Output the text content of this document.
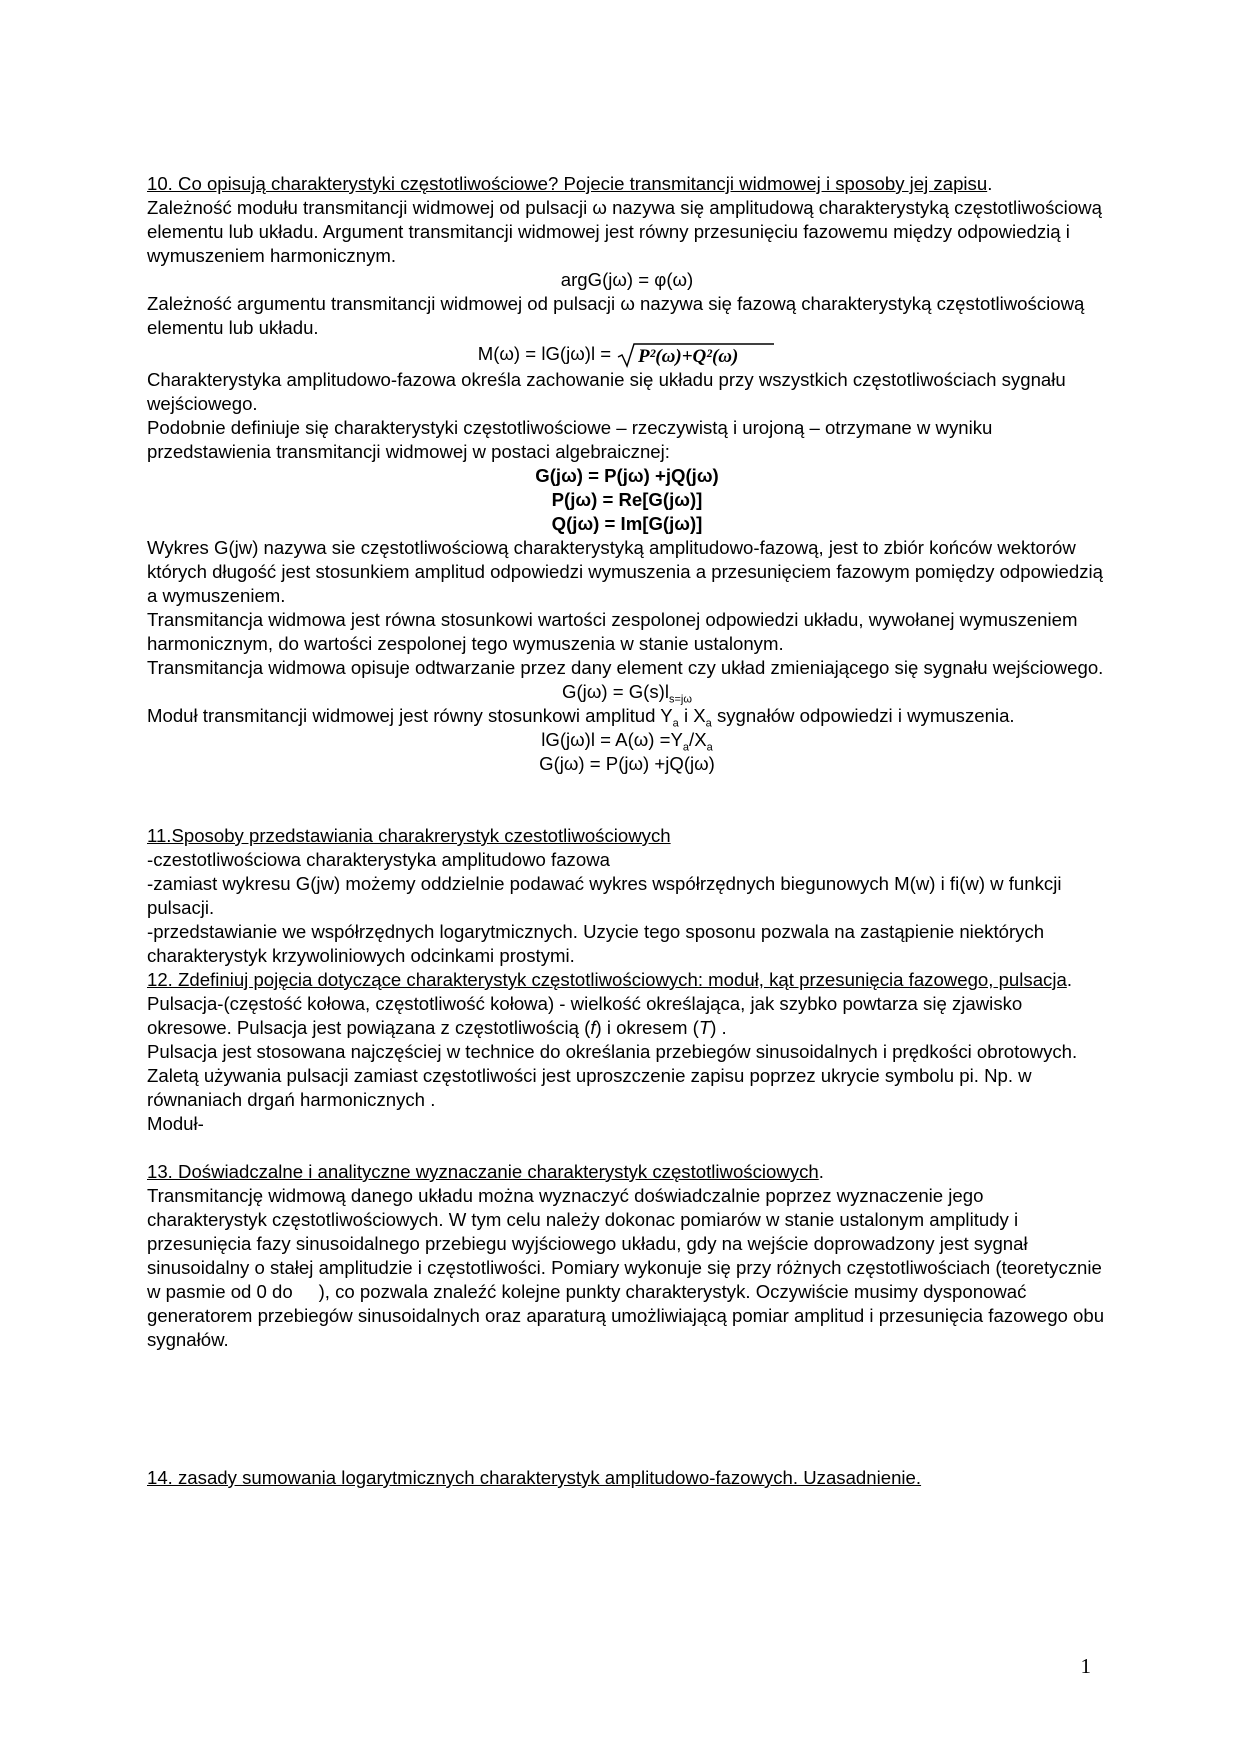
10. Co opisują charakterystyki częstotliwościowe? Pojecie transmitancji widmowej i sposoby jej zapisu.

Zależność modułu transmitancji widmowej od pulsacji ω nazywa się amplitudową charakterystyką częstotliwościową elementu lub układu. Argument transmitancji widmowej jest równy przesunięciu fazowemu między odpowiedzią i wymuszeniem harmonicznym.

argG(jω) = φ(ω)

Zależność argumentu transmitancji widmowej od pulsacji ω nazywa się fazową charakterystyką częstotliwościową elementu lub układu.

M(ω) = lG(jω)l = P²(ω)+Q²(ω)

Charakterystyka amplitudowo-fazowa określa zachowanie się układu przy wszystkich częstotliwościach sygnału wejściowego.

Podobnie definiuje się charakterystyki częstotliwościowe – rzeczywistą i urojoną – otrzymane w wyniku przedstawienia transmitancji widmowej w postaci algebraicznej:

G(jω) = P(jω) +jQ(jω)

P(jω) = Re[G(jω)]

Q(jω) = Im[G(jω)]

Wykres G(jw) nazywa sie częstotliwościową charakterystyką amplitudowo-fazową, jest to zbiór końców wektorów których długość jest stosunkiem amplitud odpowiedzi wymuszenia a przesunięciem fazowym pomiędzy odpowiedzią a wymuszeniem.

Transmitancja widmowa jest równa stosunkowi wartości zespolonej odpowiedzi układu, wywołanej wymuszeniem harmonicznym, do wartości zespolonej tego wymuszenia w stanie ustalonym.

Transmitancja widmowa opisuje odtwarzanie przez dany element czy układ zmieniającego się sygnału wejściowego.

$G(j\omega) = G(s)l_{s=j\omega}$

Moduł transmitancji widmowej jest równy stosunkowi amplitud $Y_a$ i $X_a$ sygnałów odpowiedzi i wymuszenia.

$lG(j\omega)l = A(\omega) =Y_a/X_a$

G(jω) = P(jω) +jQ(jω)

11.Sposoby przedstawiania charakrerystyk czestotliwościowych

-czestotliwościowa charakterystyka amplitudowo fazowa

-zamiast wykresu G(jw) możemy oddzielnie podawać wykres współrzędnych biegunowych M(w) i fi(w) w funkcji pulsacji.

-przedstawianie we współrzędnych logarytmicznych. Uzycie tego sposonu pozwala na zastąpienie niektórych charakterystyk krzywoliniowych odcinkami prostymi.

12. Zdefiniuj pojęcia dotyczące charakterystyk częstotliwościowych: moduł, kąt przesunięcia fazowego, pulsacja.

Pulsacja-(częstość kołowa, częstotliwość kołowa) - wielkość określająca, jak szybko powtarza się zjawisko okresowe. Pulsacja jest powiązana z częstotliwością (f) i okresem (T) .

Pulsacja jest stosowana najczęściej w technice do określania przebiegów sinusoidalnych i prędkości obrotowych. Zaletą używania pulsacji zamiast częstotliwości jest uproszczenie zapisu poprzez ukrycie symbolu pi. Np. w równaniach drgań harmonicznych .

Moduł-

13. Doświadczalne i analityczne wyznaczanie charakterystyk częstotliwościowych.

Transmitancję widmową danego układu można wyznaczyć doświadczalnie poprzez wyznaczenie jego charakterystyk częstotliwościowych. W tym celu należy dokonac pomiarów w stanie ustalonym amplitudy i przesunięcia fazy sinusoidalnego przebiegu wyjściowego układu, gdy na wejście doprowadzony jest sygnał sinusoidalny o stałej amplitudzie i częstotliwości. Pomiary wykonuje się przy różnych częstotliwościach (teoretycznie w pasmie od 0 do     ), co pozwala znaleźć kolejne punkty charakterystyk. Oczywiście musimy dysponować generatorem przebiegów sinusoidalnych oraz aparaturą umożliwiającą pomiar amplitud i przesunięcia fazowego obu sygnałów.

14. zasady sumowania logarytmicznych charakterystyk amplitudowo-fazowych. Uzasadnienie.

1
